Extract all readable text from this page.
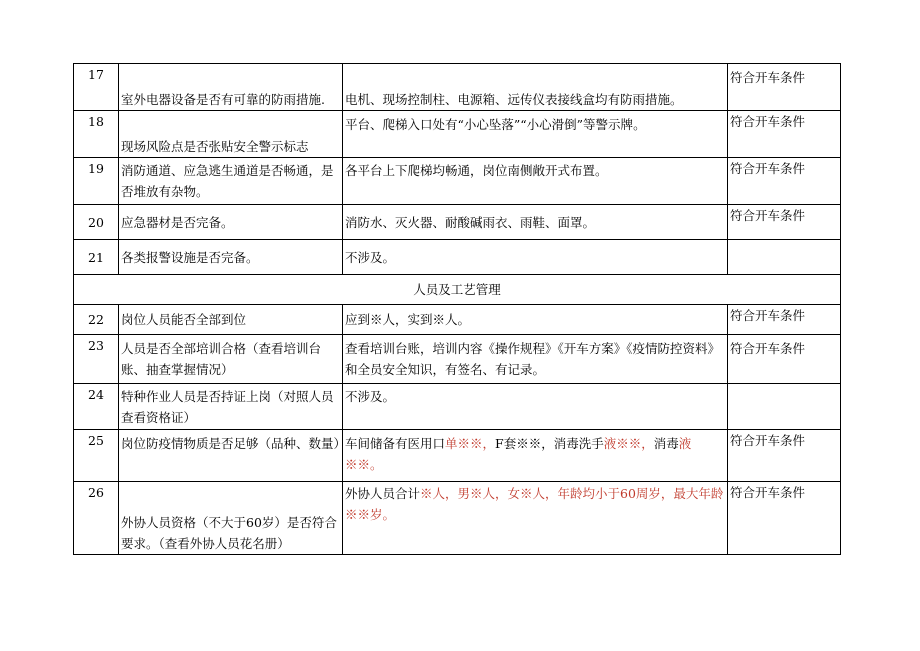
17	室外电器设备是否有可靠的防雨措施.	电机、现场控制柱、电源箱、远传仪表接线盒均有防雨措施。	符合开车条件
18	现场风险点是否张贴安全警示标志	平台、爬梯入口处有“小心坠落”“小心滑倒”等警示牌。	符合开车条件
19	消防通道、应急逃生通道是否畅通，是否堆放有杂物。	各平台上下爬梯均畅通，岗位南侧敞开式布置。	符合开车条件
20	应急器材是否完备。	消防水、灭火器、耐酸碱雨衣、雨鞋、面罩。	符合开车条件
21	各类报警设施是否完备。	不涉及。	
人员及工艺管理			
22	岗位人员能否全部到位	应到※人，实到※人。	符合开车条件
23	人员是否全部培训合格（查看培训台账、抽查掌握情况）	查看培训台账，培训内容《操作规程》《开车方案》《疫情防控资料》和全员安全知识，有签名、有记录。	符合开车条件
24	特种作业人员是否持证上岗（对照人员查看资格证）	不涉及。	
25	岗位防疫情物质是否足够（品种、数量）	车间储备有医用口单※※，F套※※，消毒洗手液※※，消毒液※※。	符合开车条件
26	外协人员资格（不大于60岁）是否符合要求。（查看外协人员花名册）	外协人员合计※人，男※人，女※人，年龄均小于60周岁，最大年龄※※岁。	符合开车条件
